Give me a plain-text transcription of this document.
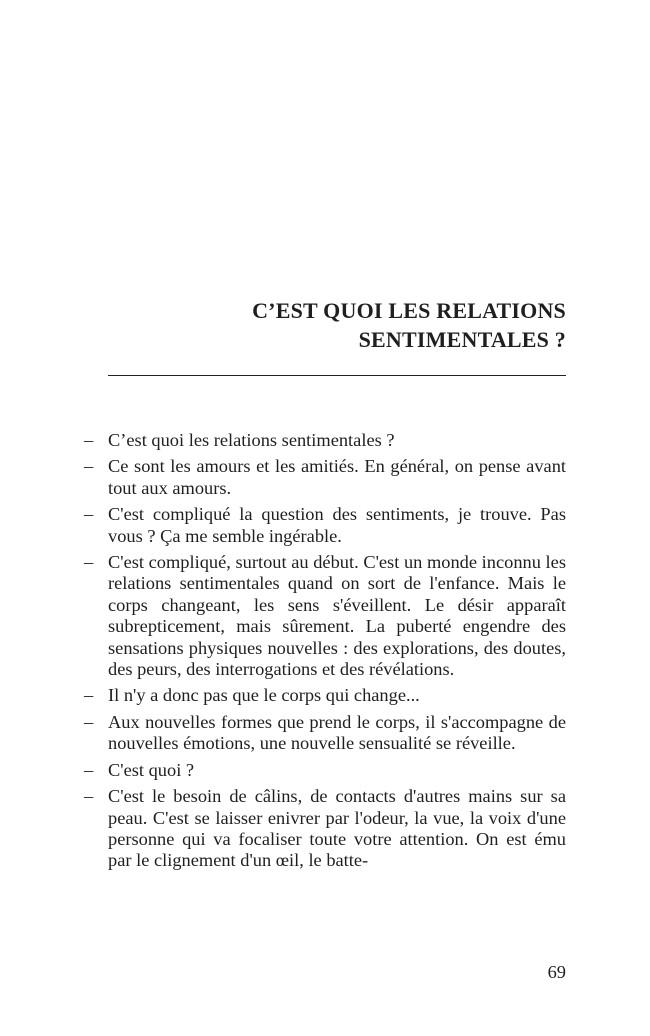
C’EST QUOI LES RELATIONS
SENTIMENTALES ?
– C’est quoi les relations sentimentales ?
– Ce sont les amours et les amitiés. En général, on pense avant tout aux amours.
– C'est compliqué la question des sentiments, je trouve. Pas vous ? Ça me semble ingérable.
– C'est compliqué, surtout au début. C'est un monde inconnu les relations sentimentales quand on sort de l'enfance. Mais le corps changeant, les sens s'éveillent. Le désir apparaît subrepticement, mais sûrement. La puberté engendre des sensations physiques nouvelles : des explorations, des doutes, des peurs, des interrogations et des révélations.
– Il n'y a donc pas que le corps qui change...
– Aux nouvelles formes que prend le corps, il s'accompagne de nouvelles émotions, une nouvelle sensualité se réveille.
– C'est quoi ?
– C'est le besoin de câlins, de contacts d'autres mains sur sa peau. C'est se laisser enivrer par l'odeur, la vue, la voix d'une personne qui va focaliser toute votre attention. On est ému par le clignement d'un œil, le batte-
69
